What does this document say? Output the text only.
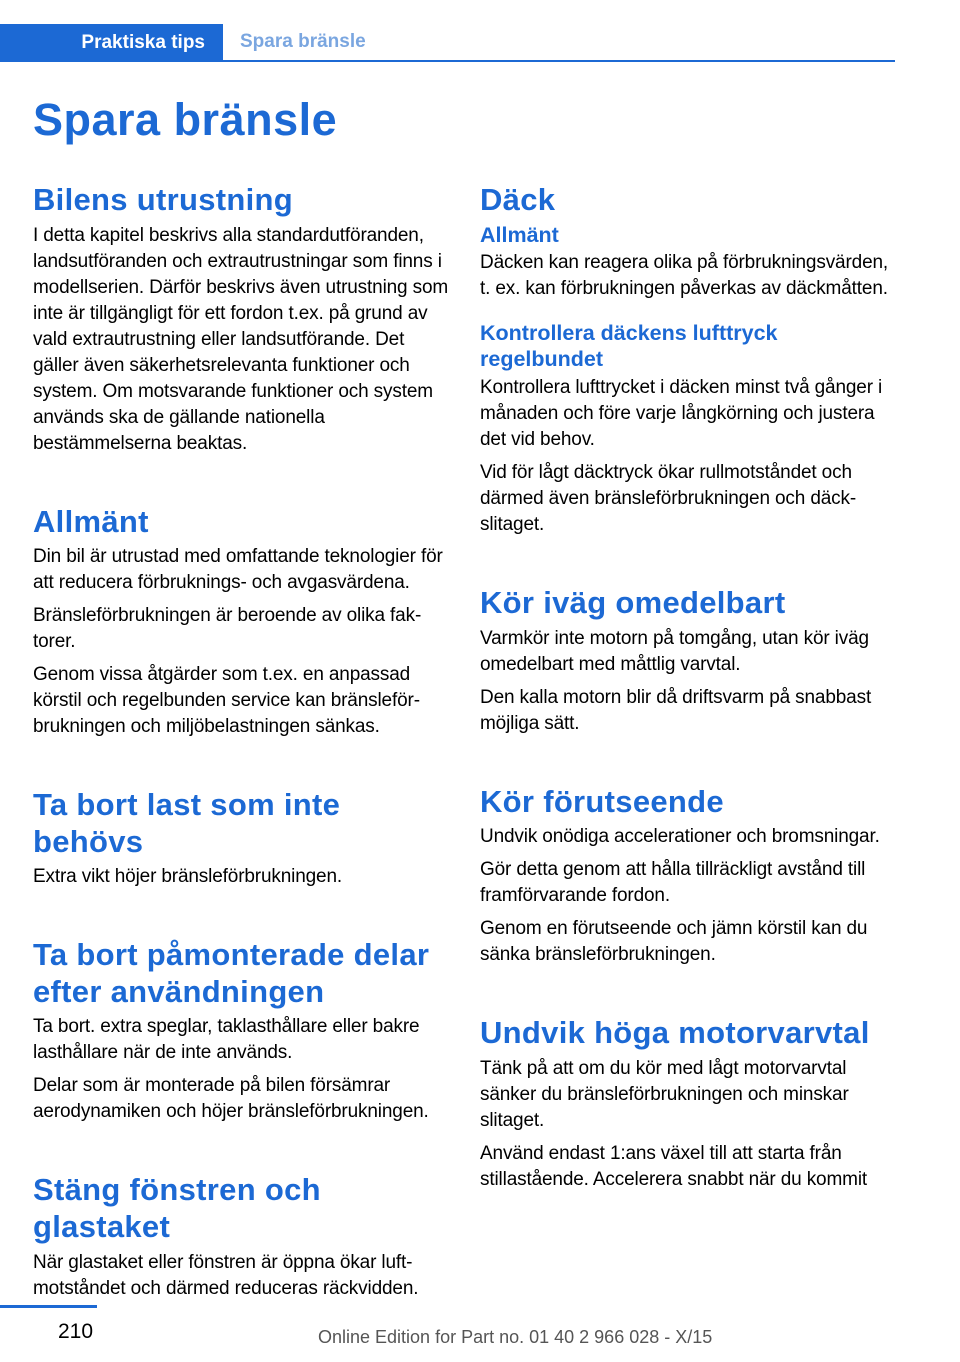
Praktiska tips	Spara bränsle
Spara bränsle
Bilens utrustning

I detta kapitel beskrivs alla standardutföranden, landsutföranden och extrautrustningar som finns i modellserien. Därför beskrivs även utrustning som inte är tillgängligt för ett fordon t.ex. på grund av vald extrautrustning eller landsutförande. Det gäller även säkerhetsrelevanta funktioner och system. Om motsvarande funktioner och system används ska de gällande nationella bestämmelserna beaktas.

Allmänt

Din bil är utrustad med omfattande teknologier för att reducera förbruknings- och avgasvärdena.

Bränsleförbrukningen är beroende av olika faktorer.

Genom vissa åtgärder som t.ex. en anpassad körstil och regelbunden service kan bränsleförbrukningen och miljöbelastningen sänkas.

Ta bort last som inte behövs

Extra vikt höjer bränsleförbrukningen.

Ta bort påmonterade delar efter användningen

Ta bort. extra speglar, taklasthållare eller bakre lasthållare när de inte används.

Delar som är monterade på bilen försämrar aerodynamiken och höjer bränsleförbrukningen.

Stäng fönstren och glastaket

När glastaket eller fönstren är öppna ökar luftmotståndet och därmed reduceras räckvidden.

Däck
Allmänt

Däcken kan reagera olika på förbrukningsvärden, t. ex. kan förbrukningen påverkas av däckmåtten.

Kontrollera däckens lufttryck regelbundet

Kontrollera lufttrycket i däcken minst två gånger i månaden och före varje långkörning och justera det vid behov.

Vid för lågt däcktryck ökar rullmotståndet och därmed även bränsleförbrukningen och däckslitaget.

Kör iväg omedelbart

Varmkör inte motorn på tomgång, utan kör iväg omedelbart med måttlig varvtal.

Den kalla motorn blir då driftsvarm på snabbast möjliga sätt.

Kör förutseende

Undvik onödiga accelerationer och bromsningar.

Gör detta genom att hålla tillräckligt avstånd till framförvarande fordon.

Genom en förutseende och jämn körstil kan du sänka bränsleförbrukningen.

Undvik höga motorvarvtal

Tänk på att om du kör med lågt motorvarvtal sänker du bränsleförbrukningen och minskar slitaget.

Använd endast 1:ans växel till att starta från stillastående. Accelerera snabbt när du kommit

210	Online Edition for Part no. 01 40 2 966 028 - X/15
